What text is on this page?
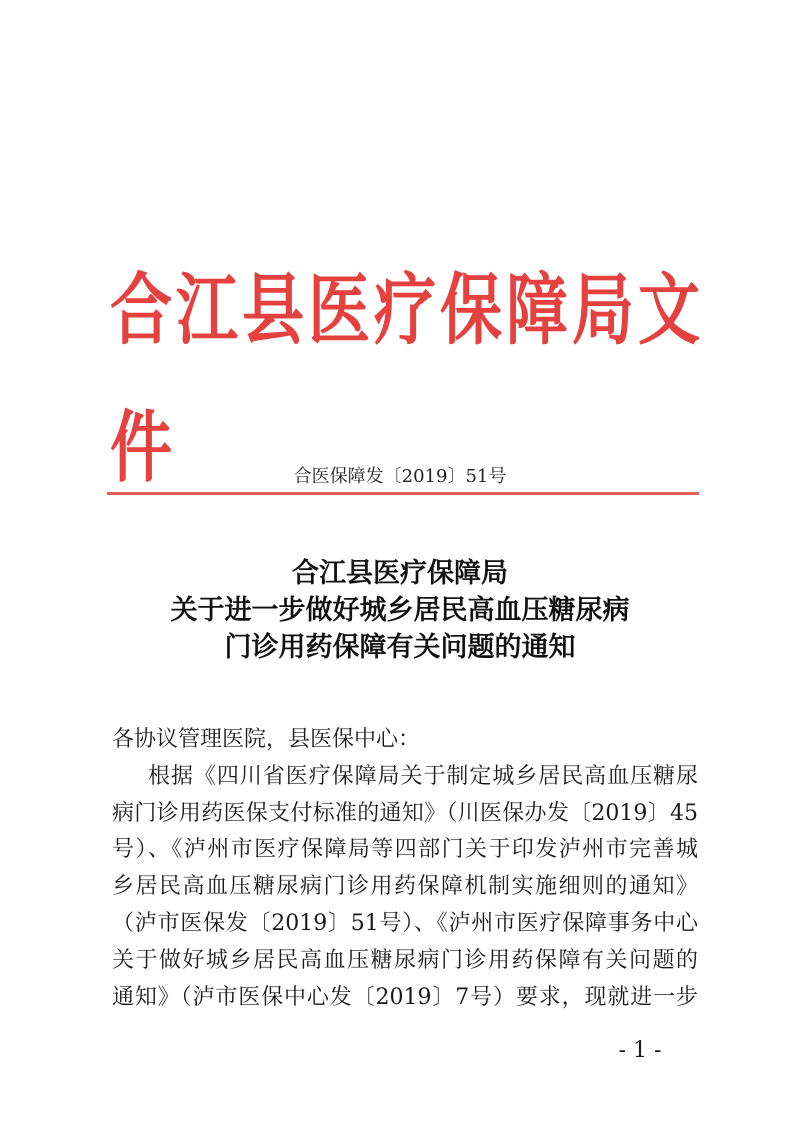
合江县医疗保障局文件	合医保障发〔2019〕51号
合江县医疗保障局
关于进一步做好城乡居民高血压糖尿病
门诊用药保障有关问题的通知
各协议管理医院，县医保中心：
根据《四川省医疗保障局关于制定城乡居民高血压糖尿
病门诊用药医保支付标准的通知》（川医保办发〔2019〕45
号）、《泸州市医疗保障局等四部门关于印发泸州市完善城
乡居民高血压糖尿病门诊用药保障机制实施细则的通知》
（泸市医保发〔2019〕51号）、《泸州市医疗保障事务中心
关于做好城乡居民高血压糖尿病门诊用药保障有关问题的
通知》（泸市医保中心发〔2019〕7号）要求，现就进一步
- 1 -
